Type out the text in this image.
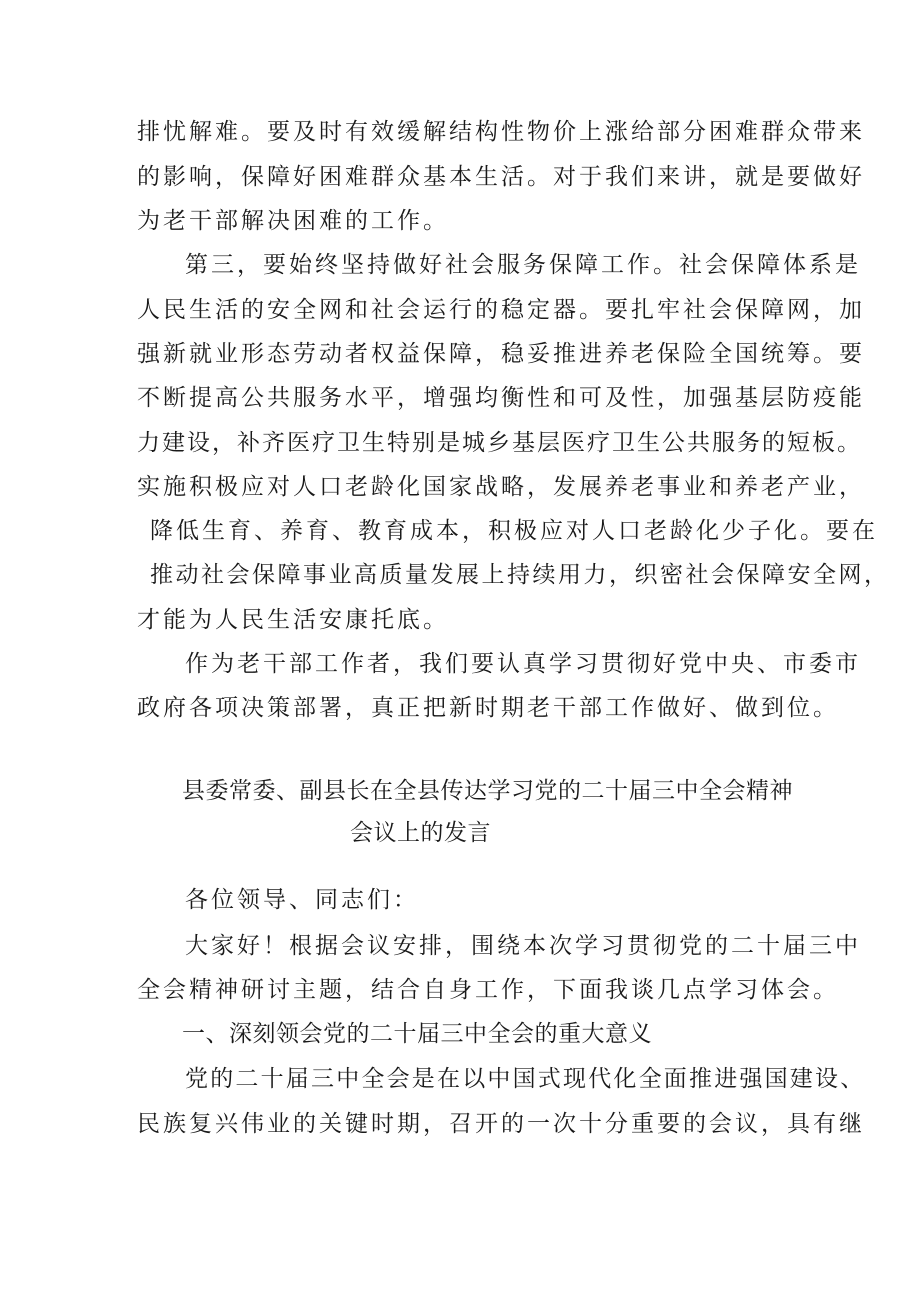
排忧解难。要及时有效缓解结构性物价上涨给部分困难群众带来

的影响，保障好困难群众基本生活。对于我们来讲，就是要做好

为老干部解决困难的工作。

第三，要始终坚持做好社会服务保障工作。社会保障体系是

人民生活的安全网和社会运行的稳定器。要扎牢社会保障网，加

强新就业形态劳动者权益保障，稳妥推进养老保险全国统筹。要

不断提高公共服务水平，增强均衡性和可及性，加强基层防疫能

力建设，补齐医疗卫生特别是城乡基层医疗卫生公共服务的短板。

实施积极应对人口老龄化国家战略，发展养老事业和养老产业，

降低生育、养育、教育成本，积极应对人口老龄化少子化。要在

推动社会保障事业高质量发展上持续用力，织密社会保障安全网，

才能为人民生活安康托底。

作为老干部工作者，我们要认真学习贯彻好党中央、市委市

政府各项决策部署，真正把新时期老干部工作做好、做到位。

县委常委、副县长在全县传达学习党的二十届三中全会精神
会议上的发言

各位领导、同志们：

大家好！根据会议安排，围绕本次学习贯彻党的二十届三中

全会精神研讨主题，结合自身工作，下面我谈几点学习体会。

一、深刻领会党的二十届三中全会的重大意义

党的二十届三中全会是在以中国式现代化全面推进强国建设、

民族复兴伟业的关键时期，召开的一次十分重要的会议，具有继
